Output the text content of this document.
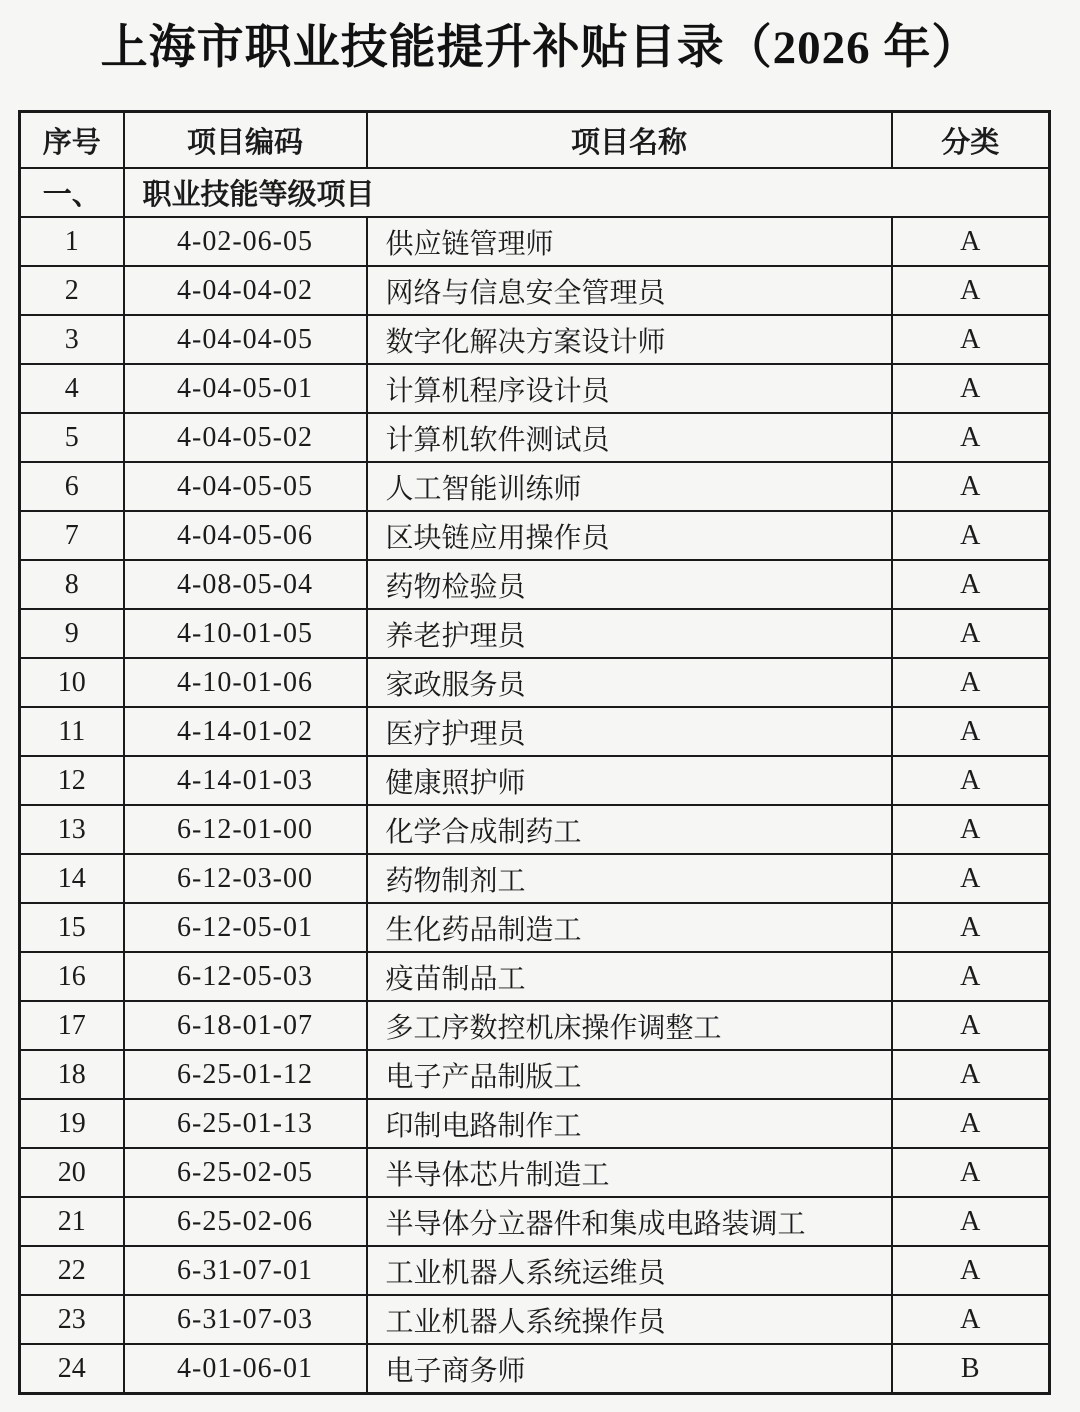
上海市职业技能提升补贴目录（2026 年）
序号	项目编码	项目名称	分类
一、	职业技能等级项目		
1	4-02-06-05	供应链管理师	A
2	4-04-04-02	网络与信息安全管理员	A
3	4-04-04-05	数字化解决方案设计师	A
4	4-04-05-01	计算机程序设计员	A
5	4-04-05-02	计算机软件测试员	A
6	4-04-05-05	人工智能训练师	A
7	4-04-05-06	区块链应用操作员	A
8	4-08-05-04	药物检验员	A
9	4-10-01-05	养老护理员	A
10	4-10-01-06	家政服务员	A
11	4-14-01-02	医疗护理员	A
12	4-14-01-03	健康照护师	A
13	6-12-01-00	化学合成制药工	A
14	6-12-03-00	药物制剂工	A
15	6-12-05-01	生化药品制造工	A
16	6-12-05-03	疫苗制品工	A
17	6-18-01-07	多工序数控机床操作调整工	A
18	6-25-01-12	电子产品制版工	A
19	6-25-01-13	印制电路制作工	A
20	6-25-02-05	半导体芯片制造工	A
21	6-25-02-06	半导体分立器件和集成电路装调工	A
22	6-31-07-01	工业机器人系统运维员	A
23	6-31-07-03	工业机器人系统操作员	A
24	4-01-06-01	电子商务师	B
